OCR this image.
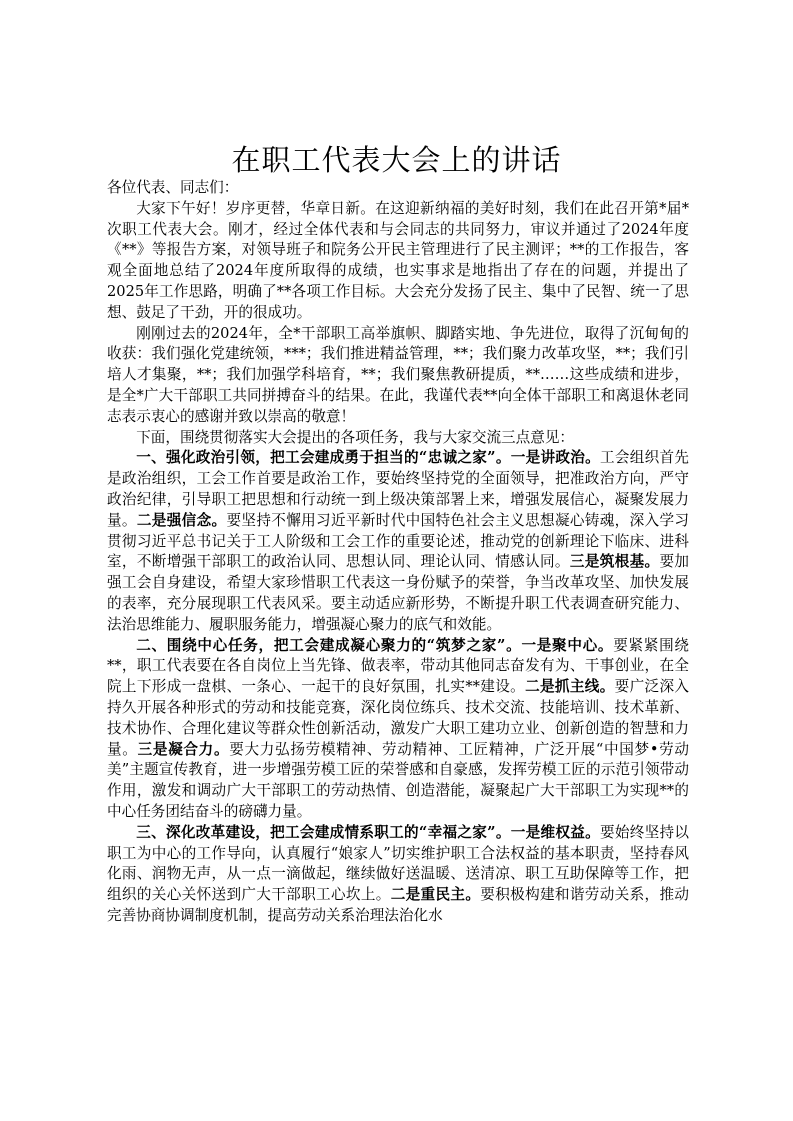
在职工代表大会上的讲话

各位代表、同志们：

大家下午好！岁序更替，华章日新。在这迎新纳福的美好时刻，我们在此召开第*届*次职工代表大会。刚才，经过全体代表和与会同志的共同努力，审议并通过了2024年度《**》等报告方案，对领导班子和院务公开民主管理进行了民主测评；**的工作报告，客观全面地总结了2024年度所取得的成绩，也实事求是地指出了存在的问题，并提出了2025年工作思路，明确了**各项工作目标。大会充分发扬了民主、集中了民智、统一了思想、鼓足了干劲，开的很成功。

刚刚过去的2024年，全*干部职工高举旗帜、脚踏实地、争先进位，取得了沉甸甸的收获：我们强化党建统领，***；我们推进精益管理，**；我们聚力改革攻坚，**；我们引培人才集聚，**；我们加强学科培育，**；我们聚焦教研提质，**……这些成绩和进步，是全*广大干部职工共同拼搏奋斗的结果。在此，我谨代表**向全体干部职工和离退休老同志表示衷心的感谢并致以崇高的敬意！

下面，围绕贯彻落实大会提出的各项任务，我与大家交流三点意见：

一、强化政治引领，把工会建成勇于担当的“忠诚之家”。一是讲政治。工会组织首先是政治组织，工会工作首要是政治工作，要始终坚持党的全面领导，把准政治方向，严守政治纪律，引导职工把思想和行动统一到上级决策部署上来，增强发展信心，凝聚发展力量。二是强信念。要坚持不懈用习近平新时代中国特色社会主义思想凝心铸魂，深入学习贯彻习近平总书记关于工人阶级和工会工作的重要论述，推动党的创新理论下临床、进科室，不断增强干部职工的政治认同、思想认同、理论认同、情感认同。三是筑根基。要加强工会自身建设，希望大家珍惜职工代表这一身份赋予的荣誉，争当改革攻坚、加快发展的表率，充分展现职工代表风采。要主动适应新形势，不断提升职工代表调查研究能力、法治思维能力、履职服务能力，增强凝心聚力的底气和效能。

二、围绕中心任务，把工会建成凝心聚力的“筑梦之家”。一是聚中心。要紧紧围绕**，职工代表要在各自岗位上当先锋、做表率，带动其他同志奋发有为、干事创业，在全院上下形成一盘棋、一条心、一起干的良好氛围，扎实**建设。二是抓主线。要广泛深入持久开展各种形式的劳动和技能竞赛，深化岗位练兵、技术交流、技能培训、技术革新、技术协作、合理化建议等群众性创新活动，激发广大职工建功立业、创新创造的智慧和力量。三是凝合力。要大力弘扬劳模精神、劳动精神、工匠精神，广泛开展“中国梦•劳动美”主题宣传教育，进一步增强劳模工匠的荣誉感和自豪感，发挥劳模工匠的示范引领带动作用，激发和调动广大干部职工的劳动热情、创造潜能，凝聚起广大干部职工为实现**的中心任务团结奋斗的磅礴力量。

三、深化改革建设，把工会建成情系职工的“幸福之家”。一是维权益。要始终坚持以职工为中心的工作导向，认真履行“娘家人”切实维护职工合法权益的基本职责，坚持春风化雨、润物无声，从一点一滴做起，继续做好送温暖、送清凉、职工互助保障等工作，把组织的关心关怀送到广大干部职工心坎上。二是重民主。要积极构建和谐劳动关系，推动完善协商协调制度机制，提高劳动关系治理法治化水
